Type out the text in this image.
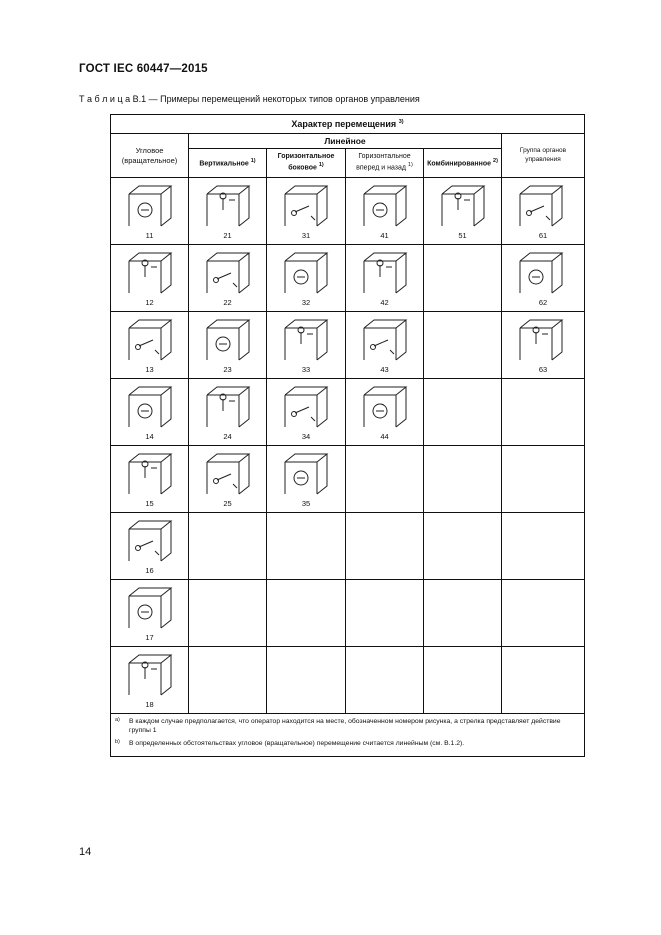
ГОСТ IEC 60447—2015
Т а б л и ц а В.1 — Примеры перемещений некоторых типов органов управления
Характер перемещения $^{3)}$
Угловое (вращательное)	Линейное				Группа органов управления
	Вертикальное $^{1)}$	Горизонтальное боковое $^{1)}$	Горизонтальное вперед и назад $^{1)}$	Комбинированное $^{2)}$

11	21	31	41	51	61

12	22	32	42		62

13	23	33	43		63

14	24	34	44		

15	25	35			

16					

17					

18					

а) В каждом случае предполагается, что оператор находится на месте, обозначенном номером рисунка, а стрелка представляет действие группы 1
b) В определенных обстоятельствах угловое (вращательное) перемещение считается линейным (см. В.1.2).					
14
